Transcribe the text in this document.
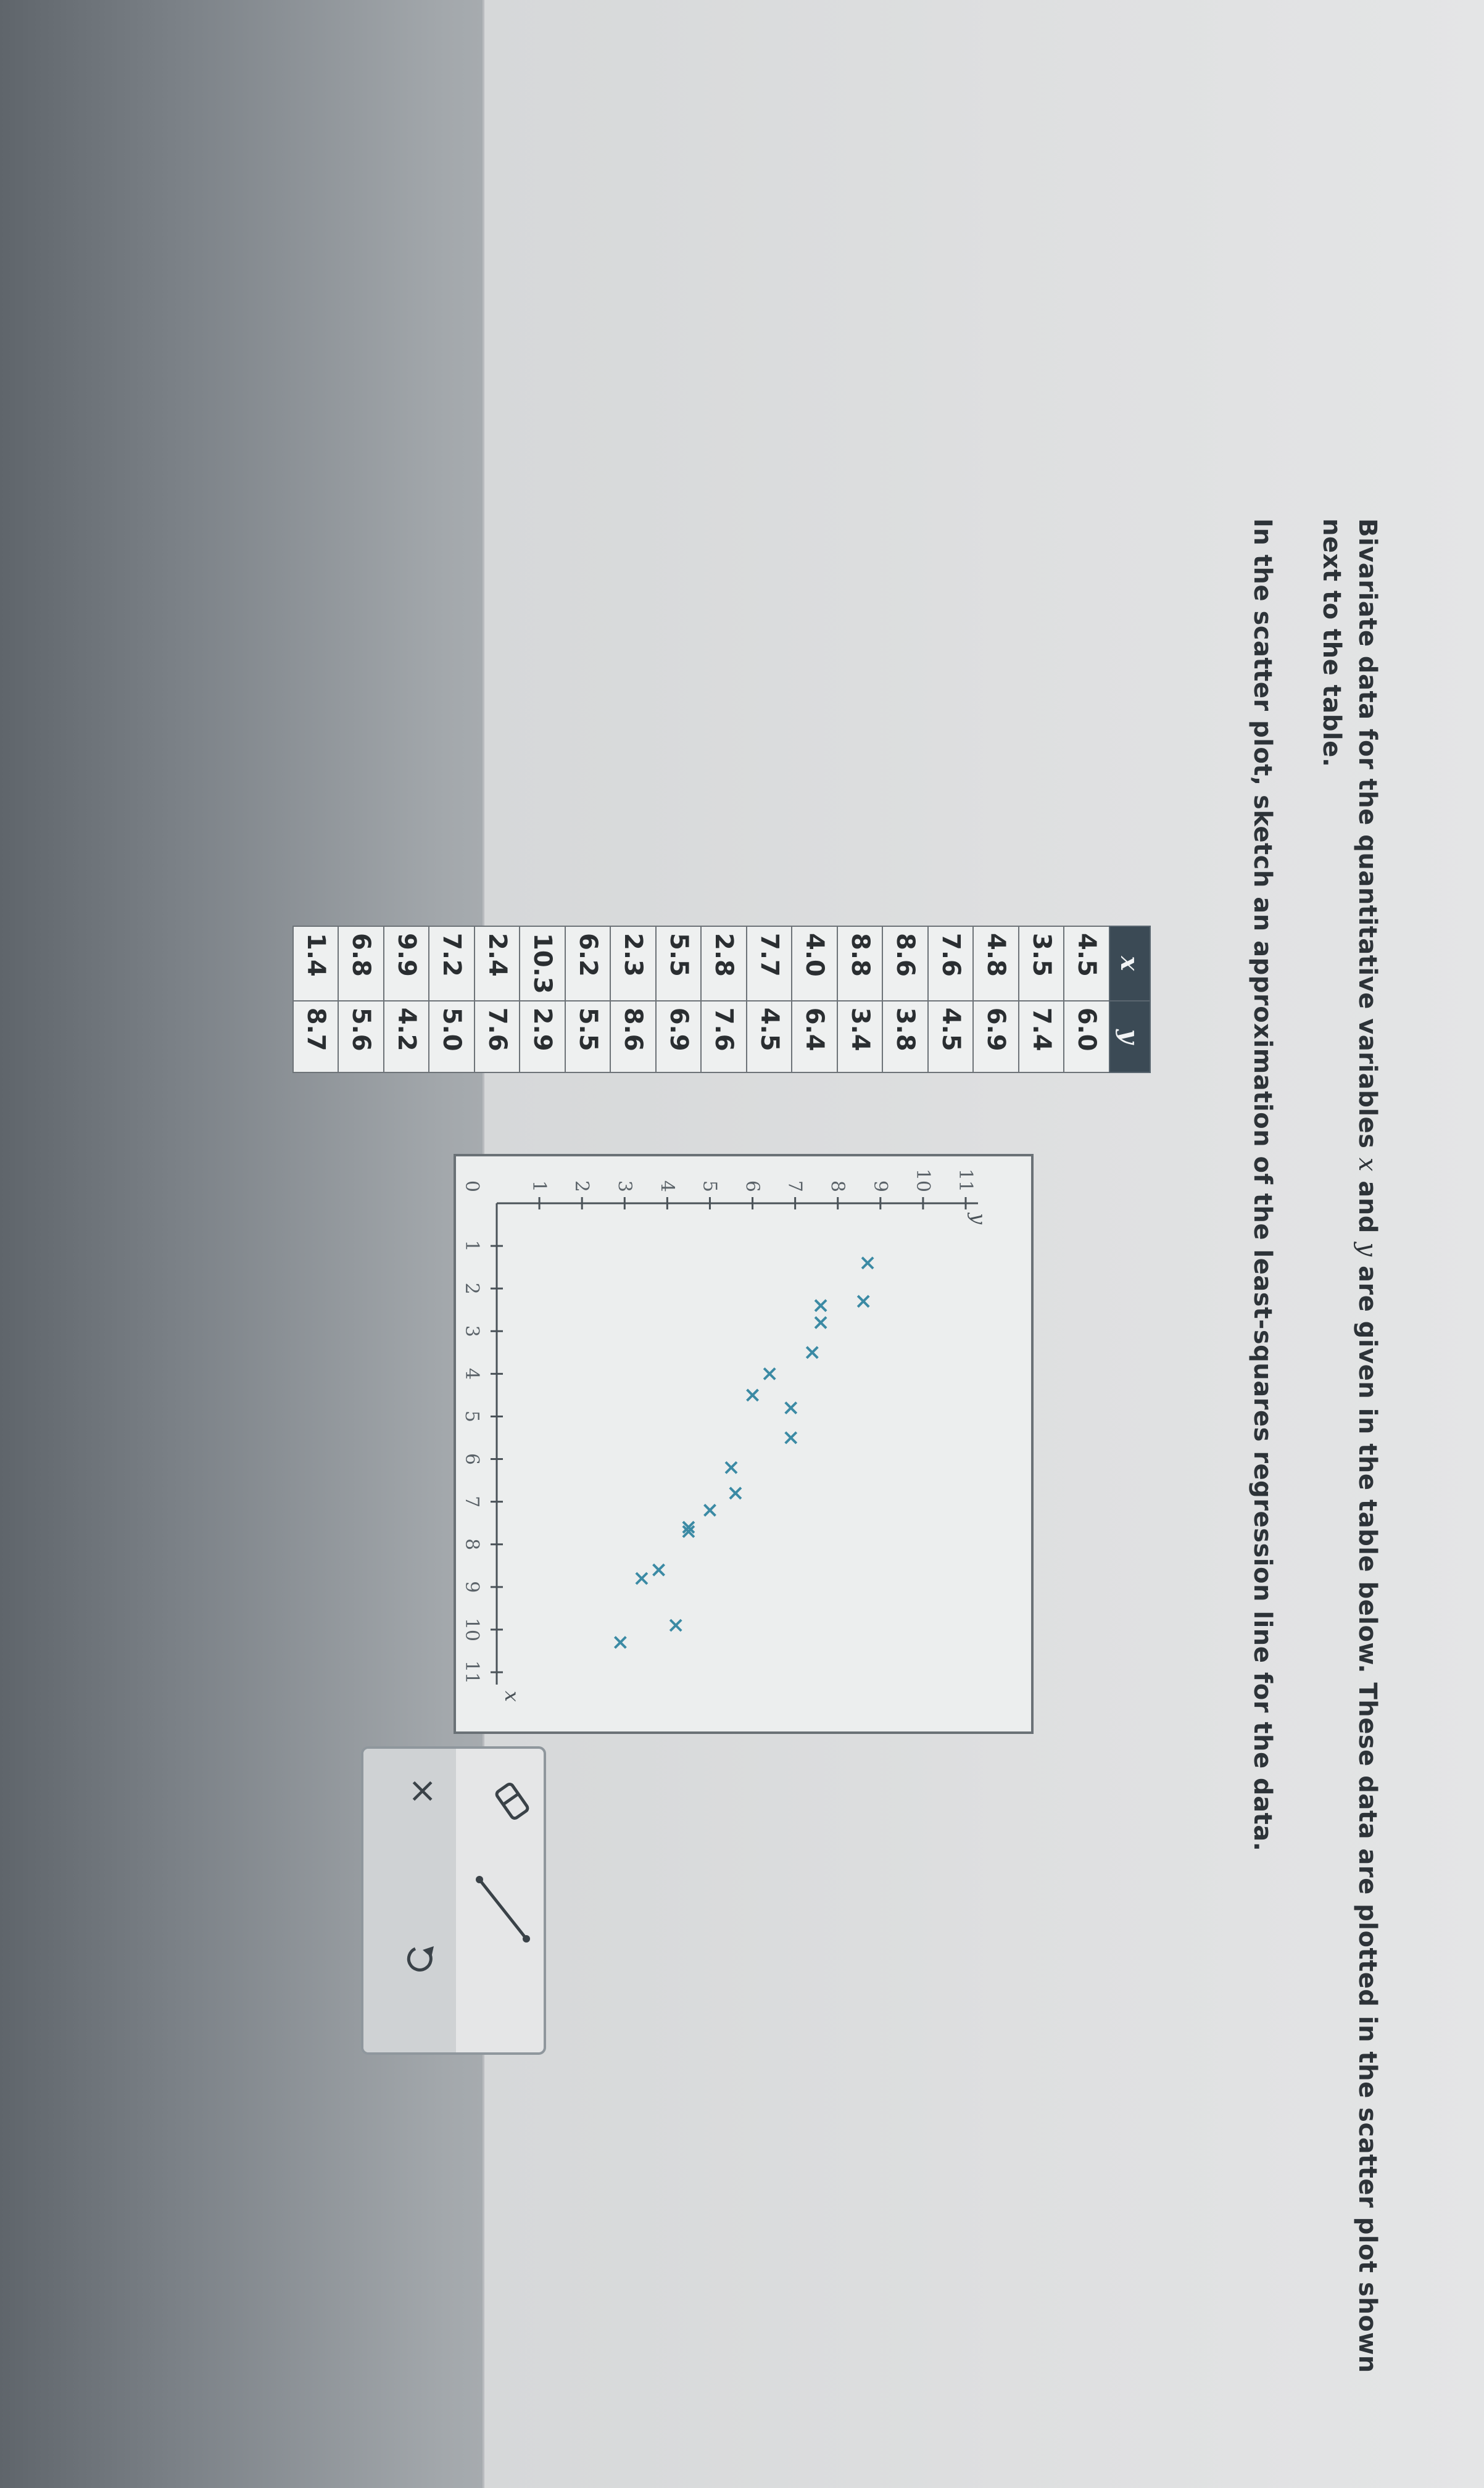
Bivariate data for the quantitative variables x and y are given in the table below. These data are plotted in the scatter plot shown next to the table.
In the scatter plot, sketch an approximation of the least-squares regression line for the data.
x	y
4.5	6.0
3.5	7.4
4.8	6.9
7.6	4.5
8.6	3.8
8.8	3.4
4.0	6.4
7.7	4.5
2.8	7.6
5.5	6.9
2.3	8.6
6.2	5.5
10.3	2.9
2.4	7.6
7.2	5.0
9.9	4.2
6.8	5.6
1.4	8.7
1
2
3
4
5
6
7
8
9
10
11
1 2 3 4 5 6 7 8 9 10 11
0
x
y
×
